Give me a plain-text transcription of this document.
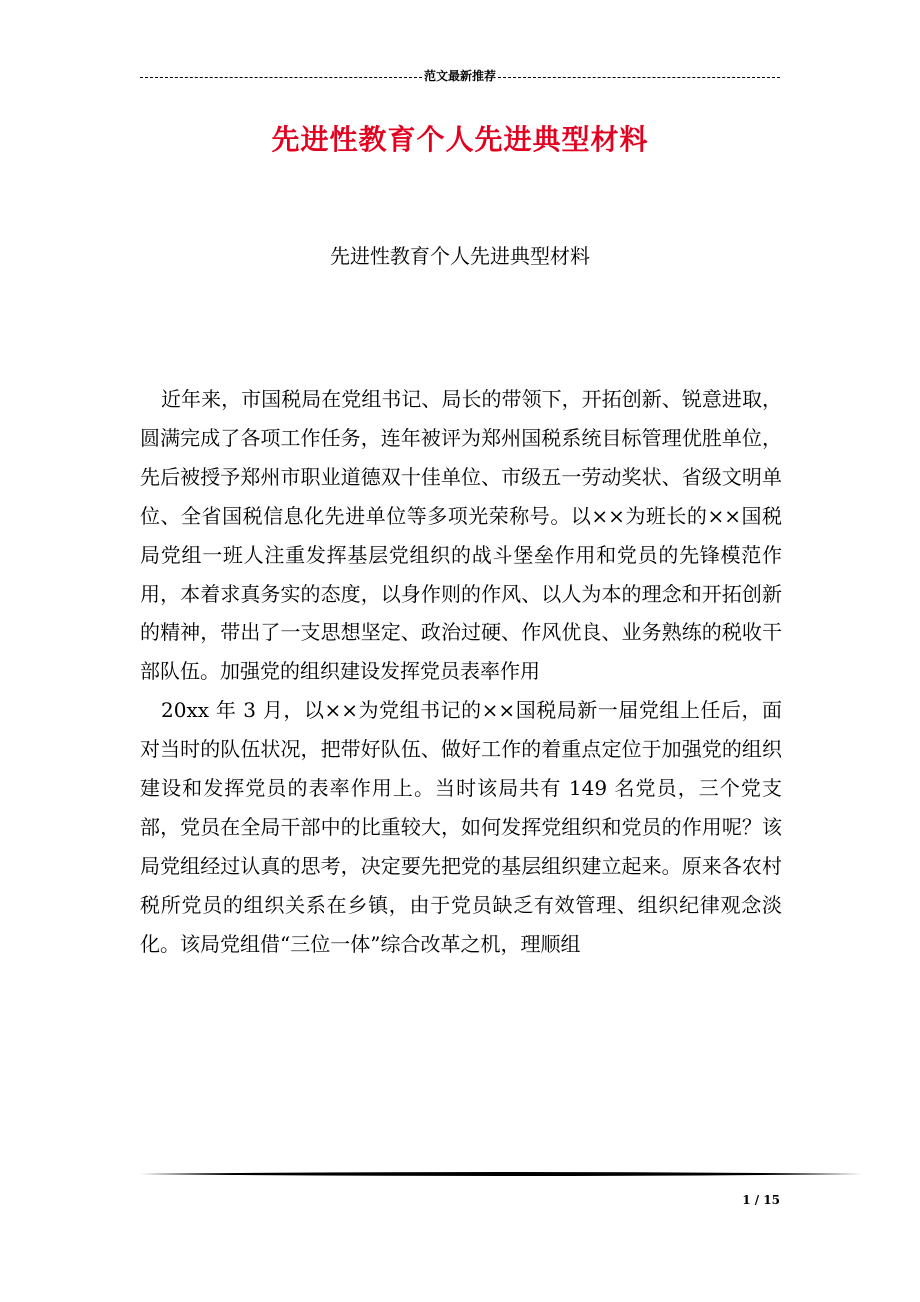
范文最新推荐
先进性教育个人先进典型材料
先进性教育个人先进典型材料

近年来，市国税局在党组书记、局长的带领下，开拓创新、锐意进取，圆满完成了各项工作任务，连年被评为郑州国税系统目标管理优胜单位，先后被授予郑州市职业道德双十佳单位、市级五一劳动奖状、省级文明单位、全省国税信息化先进单位等多项光荣称号。以××为班长的××国税局党组一班人注重发挥基层党组织的战斗堡垒作用和党员的先锋模范作用，本着求真务实的态度，以身作则的作风、以人为本的理念和开拓创新的精神，带出了一支思想坚定、政治过硬、作风优良、业务熟练的税收干部队伍。加强党的组织建设发挥党员表率作用

20xx 年 3 月，以××为党组书记的××国税局新一届党组上任后，面对当时的队伍状况，把带好队伍、做好工作的着重点定位于加强党的组织建设和发挥党员的表率作用上。当时该局共有 149 名党员，三个党支部，党员在全局干部中的比重较大，如何发挥党组织和党员的作用呢？该局党组经过认真的思考，决定要先把党的基层组织建立起来。原来各农村税所党员的组织关系在乡镇，由于党员缺乏有效管理、组织纪律观念淡化。该局党组借“三位一体”综合改革之机，理顺组

1 / 15
